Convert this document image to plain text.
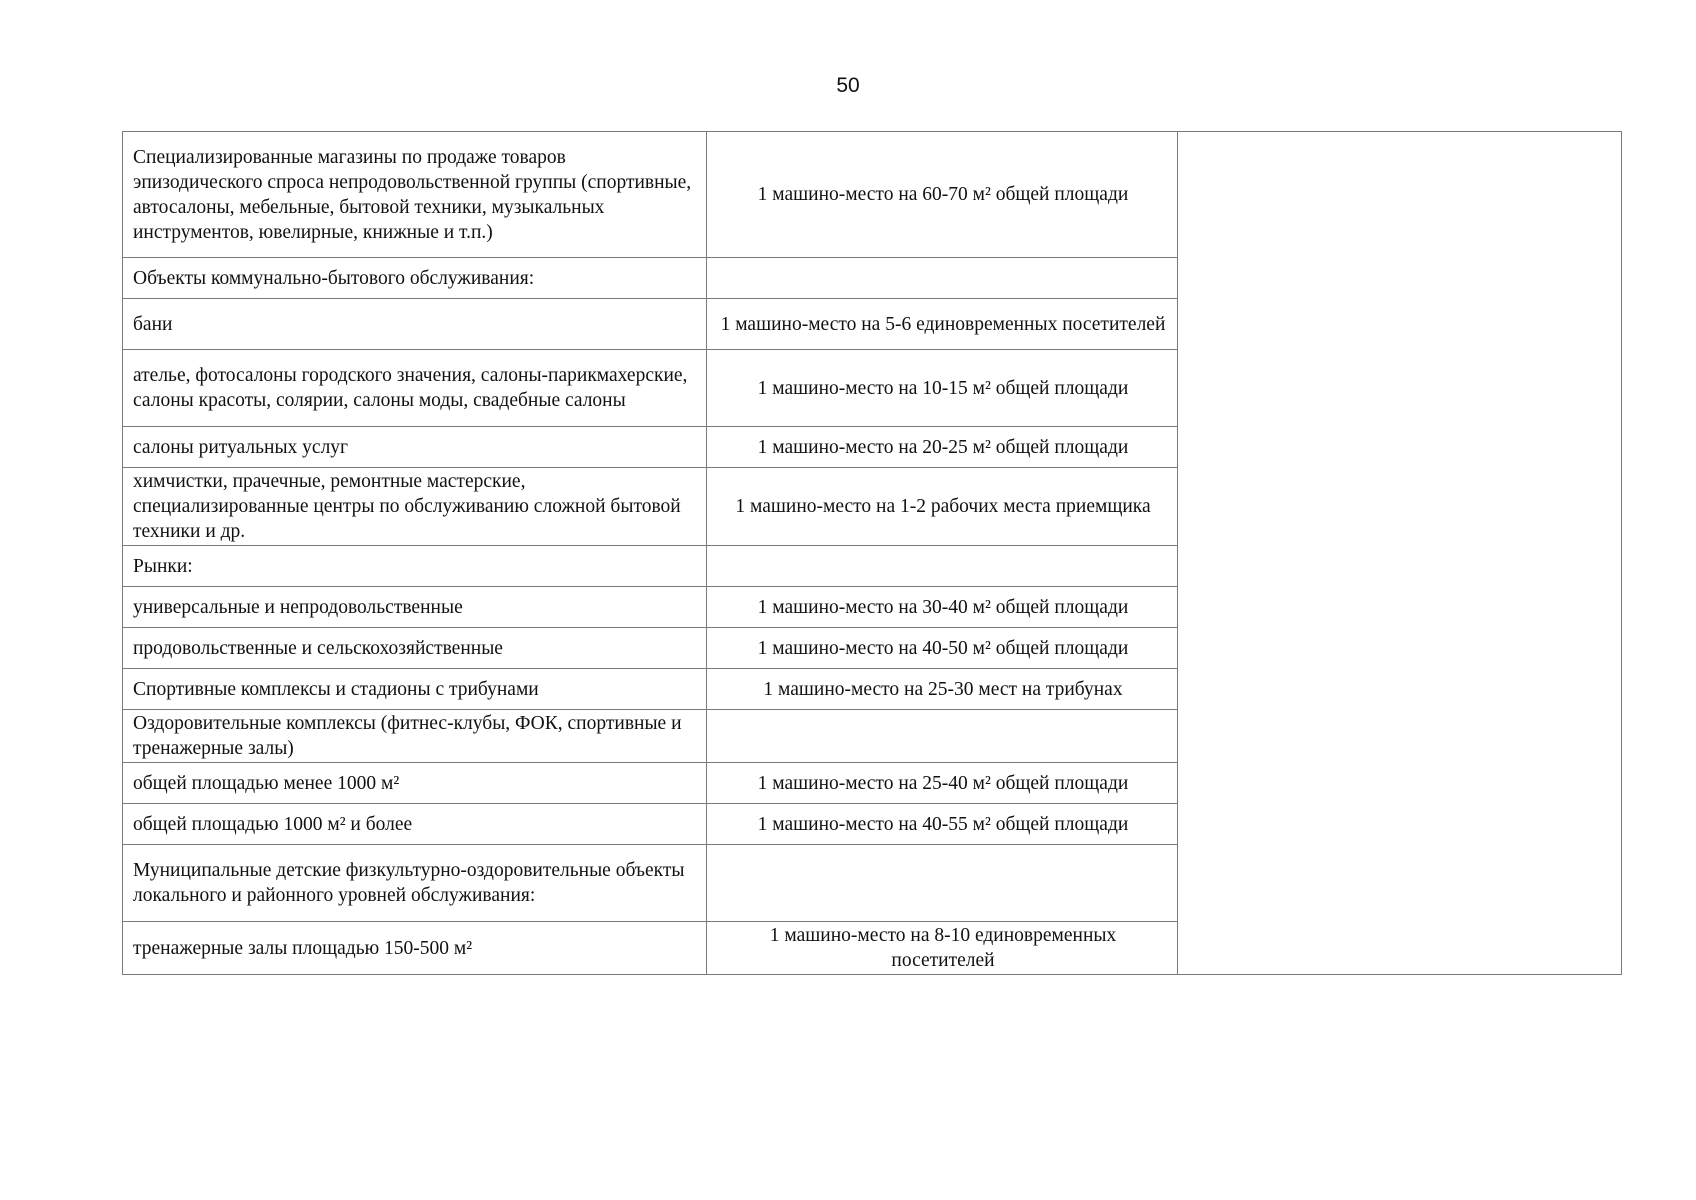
50
Специализированные магазины по продаже товаров эпизодического спроса непродовольственной группы (спортивные, автосалоны, мебельные, бытовой техники, музыкальных инструментов, ювелирные, книжные и т.п.)	1 машино-место на 60-70 м² общей площади	
Объекты коммунально-бытового обслуживания:		
бани	1 машино-место на 5-6 единовременных посетителей	
ателье, фотосалоны городского значения, салоны-парикмахерские, салоны красоты, солярии, салоны моды, свадебные салоны	1 машино-место на 10-15 м² общей площади	
салоны ритуальных услуг	1 машино-место на 20-25 м² общей площади	
химчистки, прачечные, ремонтные мастерские, специализированные центры по обслуживанию сложной бытовой техники и др.	1 машино-место на 1-2 рабочих места приемщика	
Рынки:		
универсальные и непродовольственные	1 машино-место на 30-40 м² общей площади	
продовольственные и сельскохозяйственные	1 машино-место на 40-50 м² общей площади	
Спортивные комплексы и стадионы с трибунами	1 машино-место на 25-30 мест на трибунах	
Оздоровительные комплексы (фитнес-клубы, ФОК, спортивные и тренажерные залы)		
общей площадью менее 1000 м²	1 машино-место на 25-40 м² общей площади	
общей площадью 1000 м² и более	1 машино-место на 40-55 м² общей площади	
Муниципальные детские физкультурно-оздоровительные объекты локального и районного уровней обслуживания:		
тренажерные залы площадью 150-500 м²	1 машино-место на 8-10 единовременных посетителей	
